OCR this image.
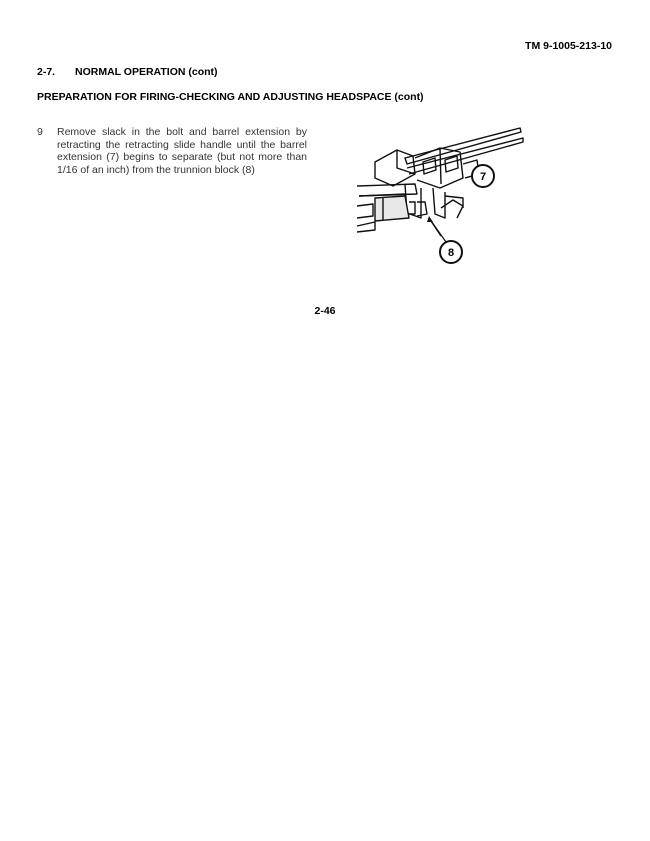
TM 9-1005-213-10
2-7. NORMAL OPERATION (cont)
PREPARATION FOR FIRING-CHECKING AND ADJUSTING HEADSPACE (cont)
9 Remove slack in the bolt and barrel extension by retracting the retracting slide handle until the barrel extension (7) begins to separate (but not more than 1/16 of an inch) from the trunnion block (8)
7
8
2-46
